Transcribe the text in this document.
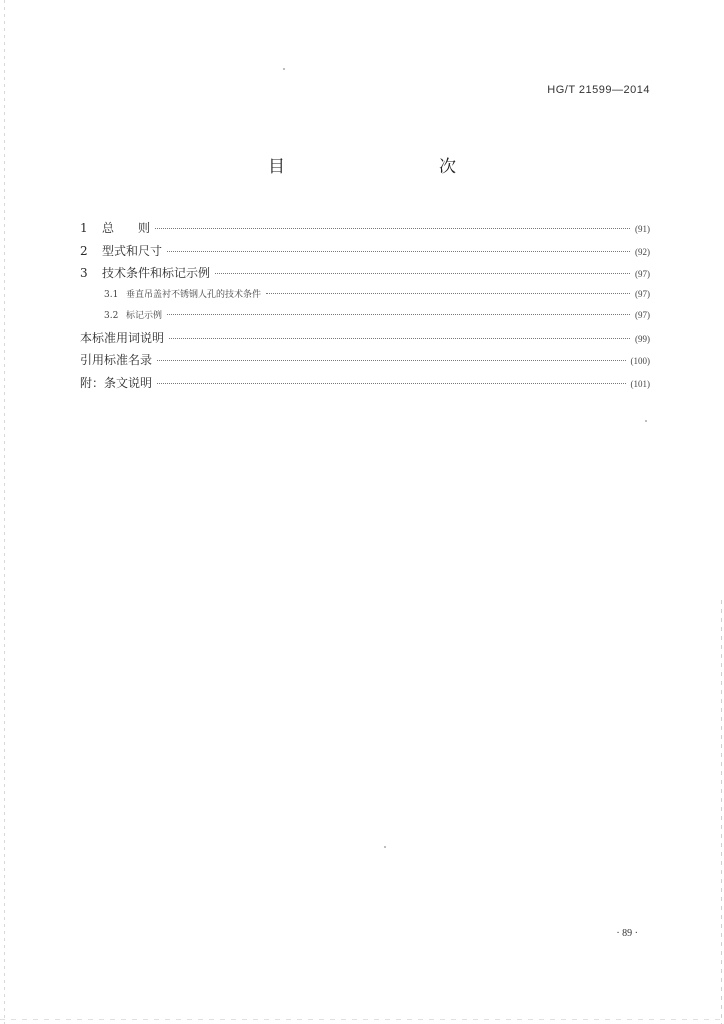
HG/T 21599—2014
目　　次
1	总　　则	(91)
2	型式和尺寸	(92)
3	技术条件和标记示例	(97)
3.1 垂直吊盖衬不锈钢人孔的技术条件	(97)
3.2 标记示例	(97)
本标准用词说明	(99)
引用标准名录	(100)
附：条文说明	(101)
· 89 ·
